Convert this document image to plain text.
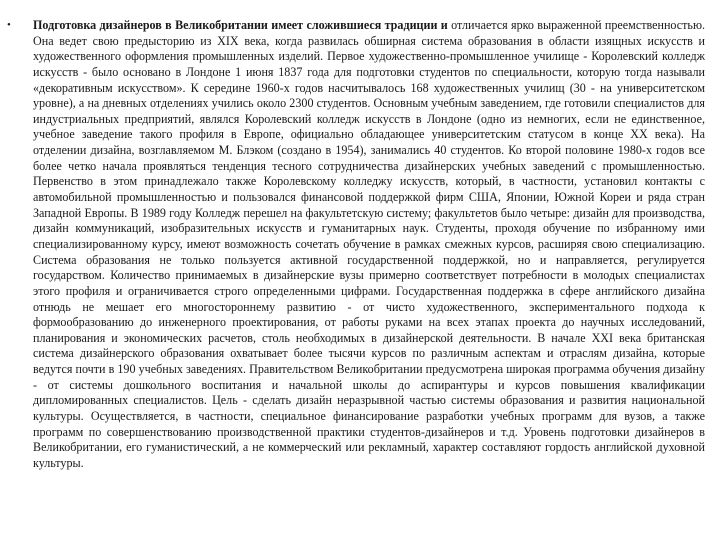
•	Подготовка дизайнеров в Великобритании имеет сложившиеся традиции и отличается ярко выраженной преемственностью. Она ведет свою предысторию из XIX века, когда развилась обширная система образования в области изящных искусств и художественного оформления промышленных изделий. Первое художественно-промышленное училище - Королевский колледж искусств - было основано в Лондоне 1 июня 1837 года для подготовки студентов по специальности, которую тогда называли «декоративным искусством». К середине 1960-х годов насчитывалось 168 художественных училищ (30 - на университетском уровне), а на дневных отделениях учились около 2300 студентов. Основным учебным заведением, где готовили специалистов для индустриальных предприятий, являлся Королевский колледж искусств в Лондоне (одно из немногих, если не единственное, учебное заведение такого профиля в Европе, официально обладающее университетским статусом в конце XX века). На отделении дизайна, возглавляемом М. Блэком (создано в 1954), занимались 40 студентов. Ко второй половине 1980-х годов все более четко начала проявляться тенденция тесного сотрудничества дизайнерских учебных заведений с промышленностью. Первенство в этом принадлежало также Королевскому колледжу искусств, который, в частности, установил контакты с автомобильной промышленностью и пользовался финансовой поддержкой фирм США, Японии, Южной Кореи и ряда стран Западной Европы. В 1989 году Колледж перешел на факультетскую систему; факультетов было четыре: дизайн для производства, дизайн коммуникаций, изобразительных искусств и гуманитарных наук. Студенты, проходя обучение по избранному ими специализированному курсу, имеют возможность сочетать обучение в рамках смежных курсов, расширяя свою специализацию. Система образования не только пользуется активной государственной поддержкой, но и направляется, регулируется государством. Количество принимаемых в дизайнерские вузы примерно соответствует потребности в молодых специалистах этого профиля и ограничивается строго определенными цифрами. Государственная поддержка в сфере английского дизайна отнюдь не мешает его многостороннему развитию - от чисто художественного, экспериментального подхода к формообразованию до инженерного проектирования, от работы руками на всех этапах проекта до научных исследований, планирования и экономических расчетов, столь необходимых в дизайнерской деятельности. В начале XXI века британская система дизайнерского образования охватывает более тысячи курсов по различным аспектам и отраслям дизайна, которые ведутся почти в 190 учебных заведениях. Правительством Великобритании предусмотрена широкая программа обучения дизайну - от системы дошкольного воспитания и начальной школы до аспирантуры и курсов повышения квалификации дипломированных специалистов. Цель - сделать дизайн неразрывной частью системы образования и развития национальной культуры. Осуществляется, в частности, специальное финансирование разработки учебных программ для вузов, а также программ по совершенствованию производственной практики студентов-дизайнеров и т.д. Уровень подготовки дизайнеров в Великобритании, его гуманистический, а не коммерческий или рекламный, характер составляют гордость английской духовной культуры.
